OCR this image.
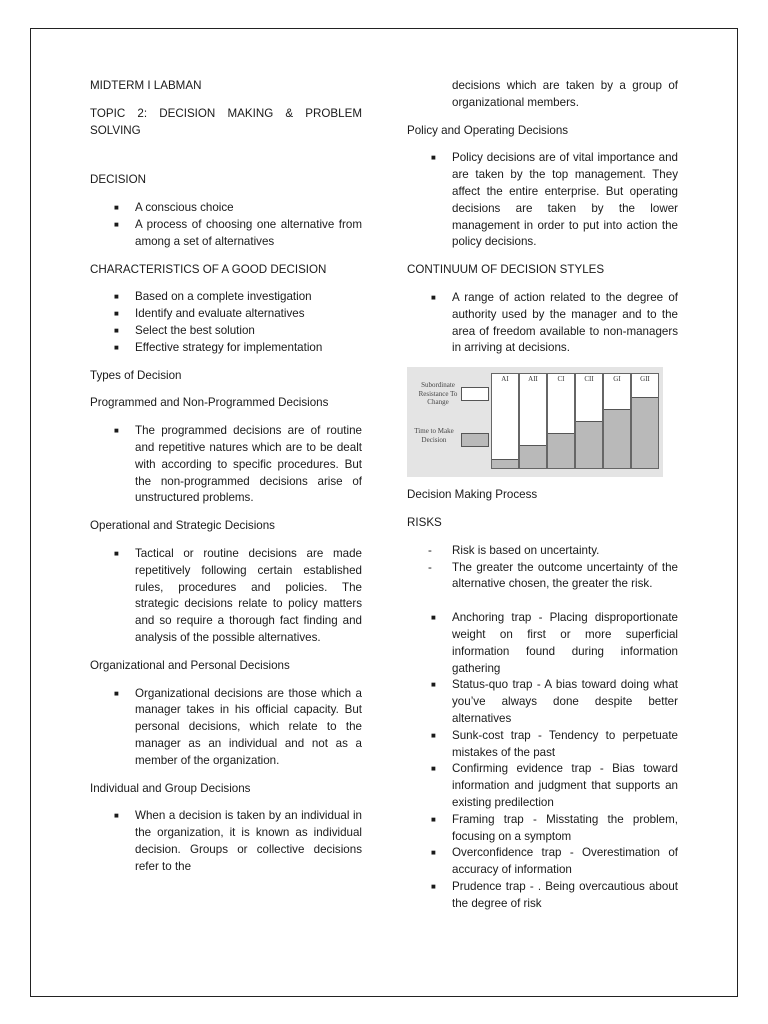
MIDTERM I LABMAN

TOPIC 2: DECISION MAKING & PROBLEM SOLVING

DECISION

■ A conscious choice
■ A process of choosing one alternative from among a set of alternatives

CHARACTERISTICS OF A GOOD DECISION

■ Based on a complete investigation
■ Identify and evaluate alternatives
■ Select the best solution
■ Effective strategy for implementation

Types of Decision

Programmed and Non-Programmed Decisions

■ The programmed decisions are of routine and repetitive natures which are to be dealt with according to specific procedures. But the non-programmed decisions arise of unstructured problems.

Operational and Strategic Decisions

■ Tactical or routine decisions are made repetitively following certain established rules, procedures and policies. The strategic decisions relate to policy matters and so require a thorough fact finding and analysis of the possible alternatives.

Organizational and Personal Decisions

■ Organizational decisions are those which a manager takes in his official capacity. But personal decisions, which relate to the manager as an individual and not as a member of the organization.

Individual and Group Decisions

■ When a decision is taken by an individual in the organization, it is known as individual decision. Groups or collective decisions refer to the

decisions which are taken by a group of organizational members.

Policy and Operating Decisions

■ Policy decisions are of vital importance and are taken by the top management. They affect the entire enterprise. But operating decisions are taken by the lower management in order to put into action the policy decisions.

CONTINUUM OF DECISION STYLES

■ A range of action related to the degree of authority used by the manager and to the area of freedom available to non-managers in arriving at decisions.
Subordinate Resistance To Change
Time to Make Decision
AI	AII	CI	CII	GI	GII

Decision Making Process

RISKS

- Risk is based on uncertainty.
- The greater the outcome uncertainty of the alternative chosen, the greater the risk.
■ Anchoring trap - Placing disproportionate weight on first or more superficial information found during information gathering
■ Status-quo trap - A bias toward doing what you’ve always done despite better alternatives
■ Sunk-cost trap - Tendency to perpetuate mistakes of the past
■ Confirming evidence trap - Bias toward information and judgment that supports an existing predilection
■ Framing trap - Misstating the problem, focusing on a symptom
■ Overconfidence trap - Overestimation of accuracy of information
■ Prudence trap - . Being overcautious about the degree of risk
